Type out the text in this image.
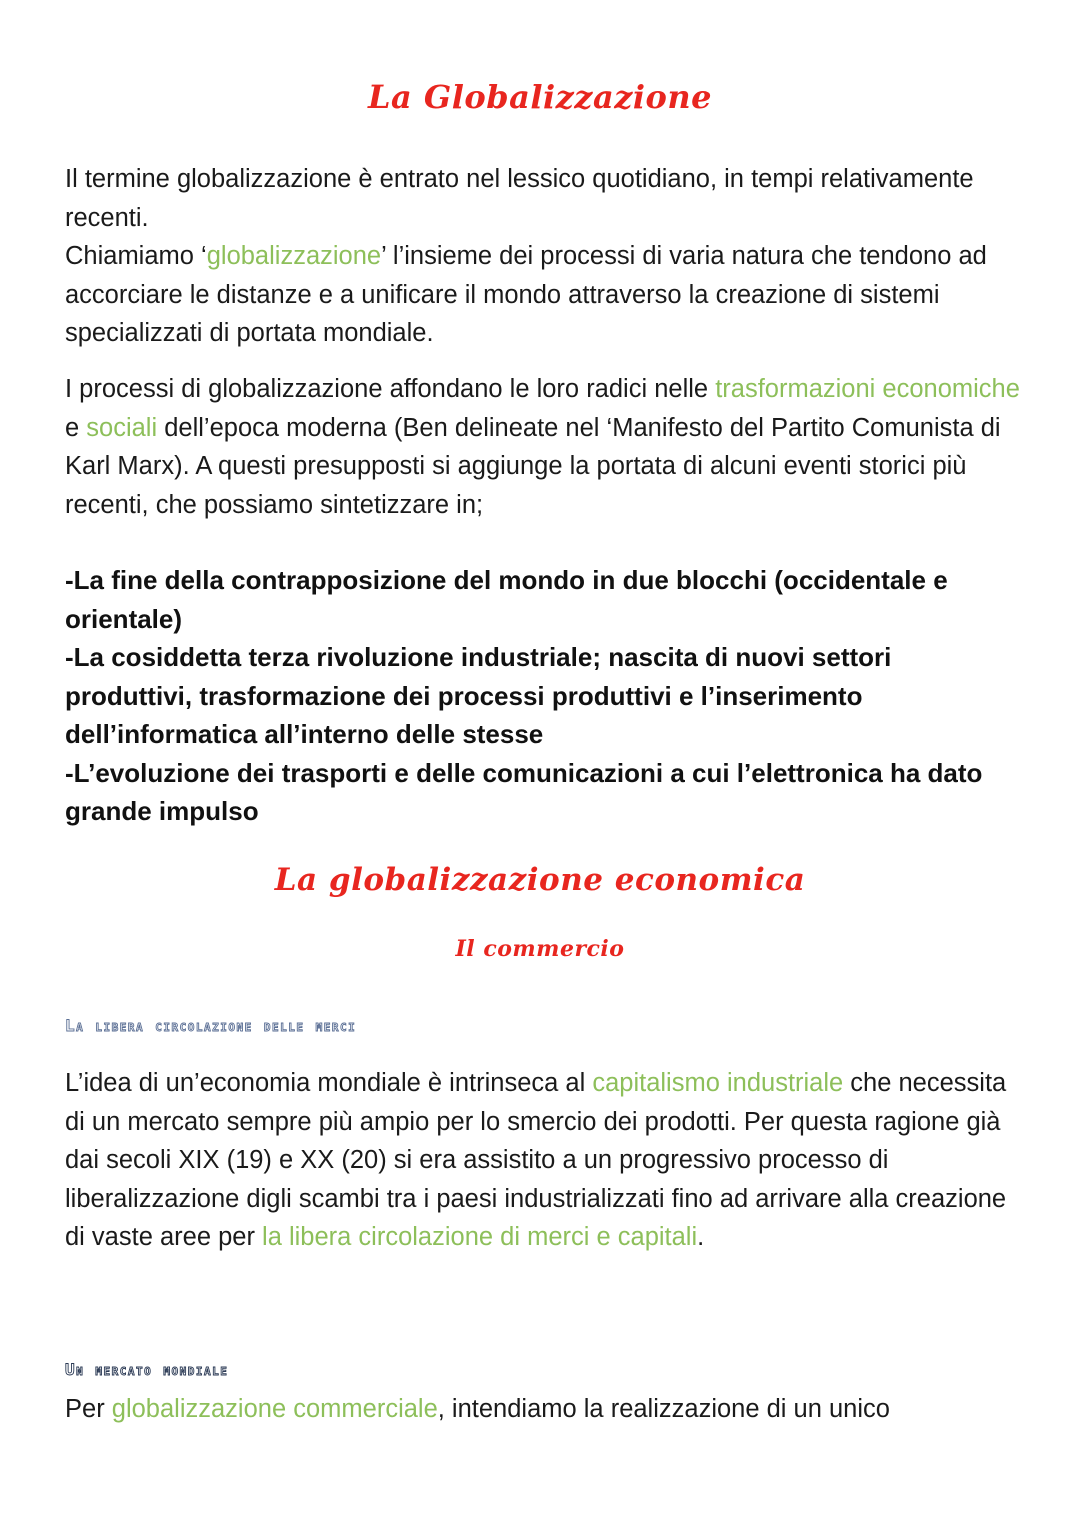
La Globalizzazione

Il termine globalizzazione è entrato nel lessico quotidiano, in tempi relativamente recenti.
Chiamiamo ‘globalizzazione’ l’insieme dei processi di varia natura che tendono ad accorciare le distanze e a unificare il mondo attraverso la creazione di sistemi specializzati di portata mondiale.

I processi di globalizzazione affondano le loro radici nelle trasformazioni economiche e sociali dell’epoca moderna (Ben delineate nel ‘Manifesto del Partito Comunista di Karl Marx). A questi presupposti si aggiunge la portata di alcuni eventi storici più recenti, che possiamo sintetizzare in;

-La fine della contrapposizione del mondo in due blocchi (occidentale e orientale)
-La cosiddetta terza rivoluzione industriale; nascita di nuovi settori produttivi, trasformazione dei processi produttivi e l’inserimento dell’informatica all’interno delle stesse
-L’evoluzione dei trasporti e delle comunicazioni a cui l’elettronica ha dato grande impulso
La globalizzazione economica
Il commercio
La libera circolazione delle merci

L’idea di un’economia mondiale è intrinseca al capitalismo industriale che necessita di un mercato sempre più ampio per lo smercio dei prodotti. Per questa ragione già dai secoli XIX (19) e XX (20) si era assistito a un progressivo processo di liberalizzazione digli scambi tra i paesi industrializzati fino ad arrivare alla creazione di vaste aree per la libera circolazione di merci e capitali.

Un mercato mondiale

Per globalizzazione commerciale, intendiamo la realizzazione di un unico
